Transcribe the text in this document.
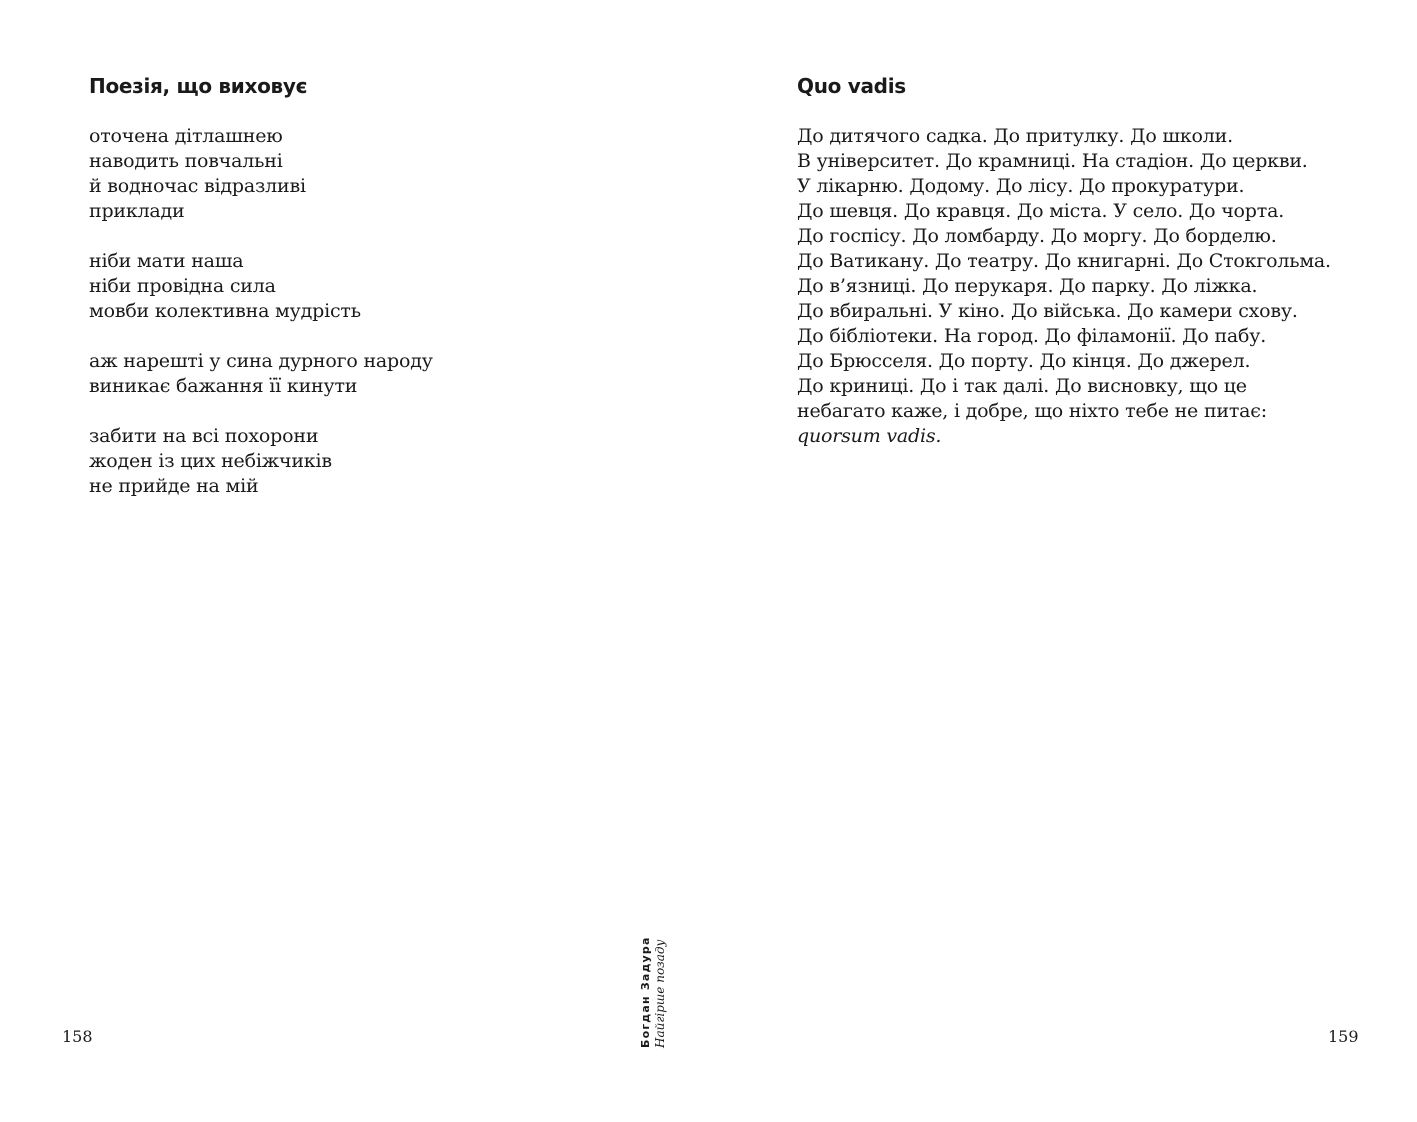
Поезія, що виховує

оточена дітлашнею
наводить повчальні
й водночас відразливі
приклади

ніби мати наша
ніби провідна сила
мовби колективна мудрість

аж нарешті у сина дурного народу
виникає бажання її кинути

забити на всі похорони
жоден із цих небіжчиків
не прийде на мій

158
Quo vadis

До дитячого садка. До притулку. До школи.
В університет. До крамниці. На стадіон. До церкви.
У лікарню. Додому. До лісу. До прокуратури.
До шевця. До кравця. До міста. У село. До чорта.
До госпісу. До ломбарду. До моргу. До борделю.
До Ватикану. До театру. До книгарні. До Стокгольма.
До в’язниці. До перукаря. До парку. До ліжка.
До вбиральні. У кіно. До війська. До камери схову.
До бібліотеки. На город. До філамонії. До пабу.
До Брюсселя. До порту. До кінця. До джерел.
До криниці. До і так далі. До висновку, що це
небагато каже, і добре, що ніхто тебе не питає:
quorsum vadis.

159
Богдан Задура Найгірше позаду
